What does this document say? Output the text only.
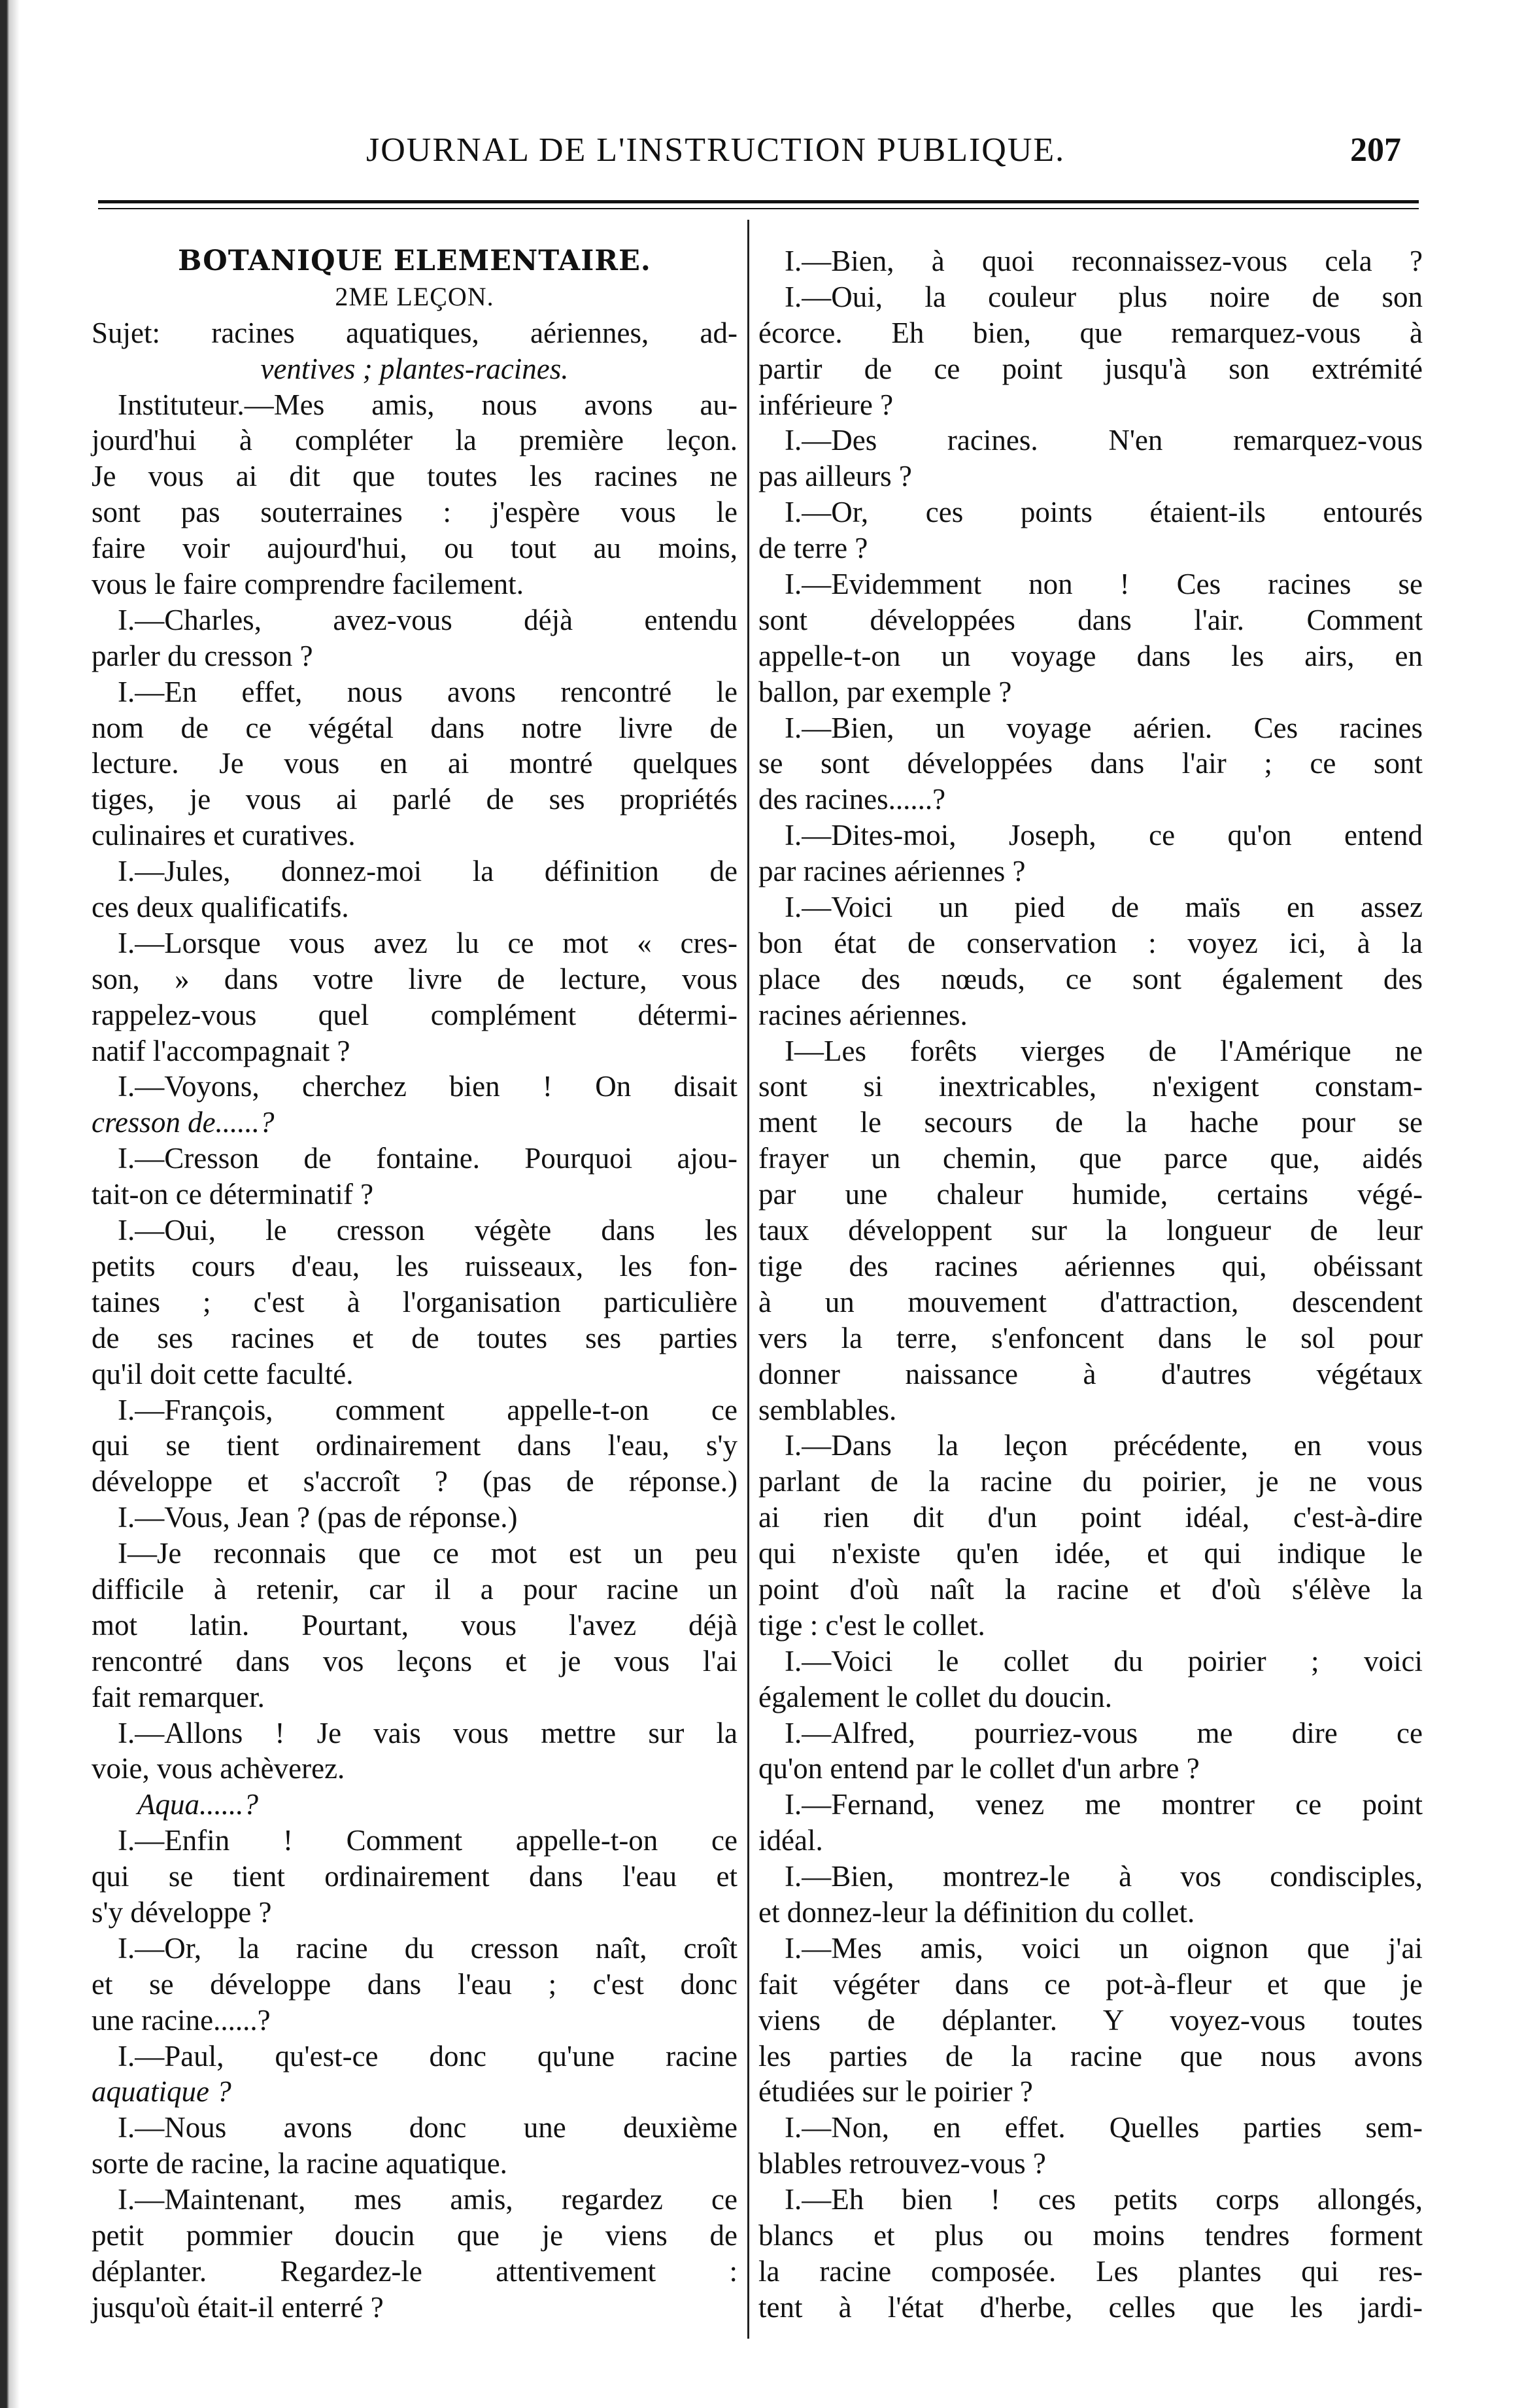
JOURNAL DE L'INSTRUCTION PUBLIQUE.	207
BOTANIQUE ELEMENTAIRE.
2ME LEÇON.
Sujet: racines aquatiques, aériennes, ad-
ventives ; plantes-racines.
Instituteur.—Mes amis, nous avons au-
jourd'hui à compléter la première leçon.
Je vous ai dit que toutes les racines ne
sont pas souterraines : j'espère vous le
faire voir aujourd'hui, ou tout au moins,
vous le faire comprendre facilement.
I.—Charles, avez-vous déjà entendu
parler du cresson ?
I.—En effet, nous avons rencontré le
nom de ce végétal dans notre livre de
lecture. Je vous en ai montré quelques
tiges, je vous ai parlé de ses propriétés
culinaires et curatives.
I.—Jules, donnez-moi la définition de
ces deux qualificatifs.
I.—Lorsque vous avez lu ce mot « cres-
son, » dans votre livre de lecture, vous
rappelez-vous quel complément détermi-
natif l'accompagnait ?
I.—Voyons, cherchez bien ! On disait
cresson de......?
I.—Cresson de fontaine. Pourquoi ajou-
tait-on ce déterminatif ?
I.—Oui, le cresson végète dans les
petits cours d'eau, les ruisseaux, les fon-
taines ; c'est à l'organisation particulière
de ses racines et de toutes ses parties
qu'il doit cette faculté.
I.—François, comment appelle-t-on ce
qui se tient ordinairement dans l'eau, s'y
développe et s'accroît ? (pas de réponse.)
I.—Vous, Jean ? (pas de réponse.)
I—Je reconnais que ce mot est un peu
difficile à retenir, car il a pour racine un
mot latin. Pourtant, vous l'avez déjà
rencontré dans vos leçons et je vous l'ai
fait remarquer.
I.—Allons ! Je vais vous mettre sur la
voie, vous achèverez.
Aqua......?
I.—Enfin ! Comment appelle-t-on ce
qui se tient ordinairement dans l'eau et
s'y développe ?
I.—Or, la racine du cresson naît, croît
et se développe dans l'eau ; c'est donc
une racine......?
I.—Paul, qu'est-ce donc qu'une racine
aquatique ?
I.—Nous avons donc une deuxième
sorte de racine, la racine aquatique.
I.—Maintenant, mes amis, regardez ce
petit pommier doucin que je viens de
déplanter. Regardez-le attentivement :
jusqu'où était-il enterré ?
I.—Bien, à quoi reconnaissez-vous cela ?
I.—Oui, la couleur plus noire de son
écorce. Eh bien, que remarquez-vous à
partir de ce point jusqu'à son extrémité
inférieure ?
I.—Des racines. N'en remarquez-vous
pas ailleurs ?
I.—Or, ces points étaient-ils entourés
de terre ?
I.—Evidemment non ! Ces racines se
sont développées dans l'air. Comment
appelle-t-on un voyage dans les airs, en
ballon, par exemple ?
I.—Bien, un voyage aérien. Ces racines
se sont développées dans l'air ; ce sont
des racines......?
I.—Dites-moi, Joseph, ce qu'on entend
par racines aériennes ?
I.—Voici un pied de maïs en assez
bon état de conservation : voyez ici, à la
place des nœuds, ce sont également des
racines aériennes.
I—Les forêts vierges de l'Amérique ne
sont si inextricables, n'exigent constam-
ment le secours de la hache pour se
frayer un chemin, que parce que, aidés
par une chaleur humide, certains végé-
taux développent sur la longueur de leur
tige des racines aériennes qui, obéissant
à un mouvement d'attraction, descendent
vers la terre, s'enfoncent dans le sol pour
donner naissance à d'autres végétaux
semblables.
I.—Dans la leçon précédente, en vous
parlant de la racine du poirier, je ne vous
ai rien dit d'un point idéal, c'est-à-dire
qui n'existe qu'en idée, et qui indique le
point d'où naît la racine et d'où s'élève la
tige : c'est le collet.
I.—Voici le collet du poirier ; voici
également le collet du doucin.
I.—Alfred, pourriez-vous me dire ce
qu'on entend par le collet d'un arbre ?
I.—Fernand, venez me montrer ce point
idéal.
I.—Bien, montrez-le à vos condisciples,
et donnez-leur la définition du collet.
I.—Mes amis, voici un oignon que j'ai
fait végéter dans ce pot-à-fleur et que je
viens de déplanter. Y voyez-vous toutes
les parties de la racine que nous avons
étudiées sur le poirier ?
I.—Non, en effet. Quelles parties sem-
blables retrouvez-vous ?
I.—Eh bien ! ces petits corps allongés,
blancs et plus ou moins tendres forment
la racine composée. Les plantes qui res-
tent à l'état d'herbe, celles que les jardi-
